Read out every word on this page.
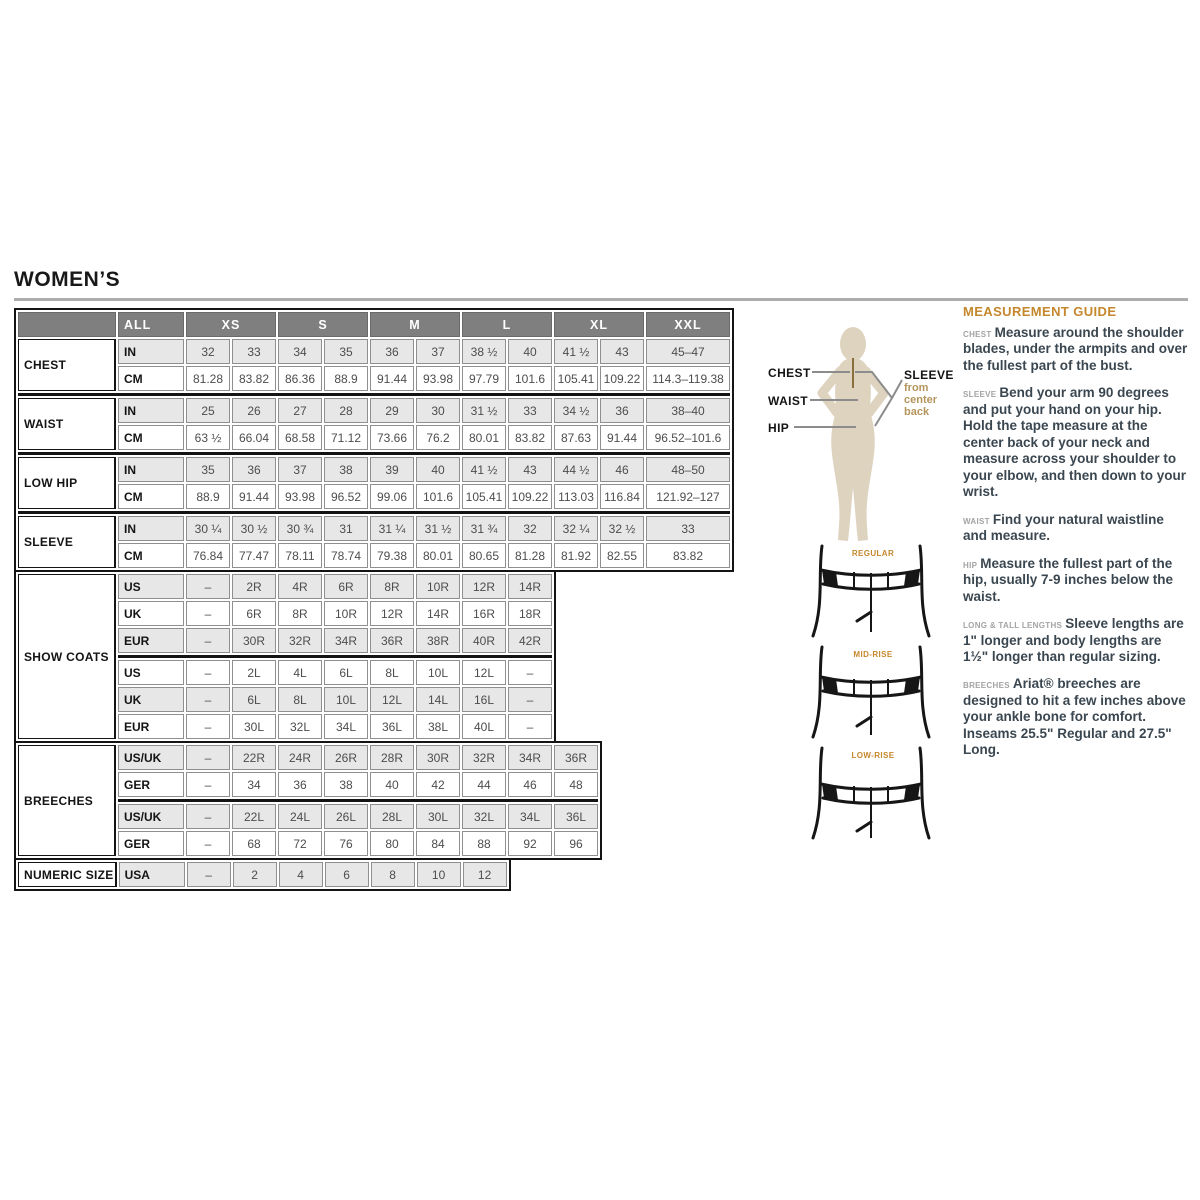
WOMEN’S
	ALL	XS		S		M		L		XL		XXL
CHEST	IN	32	33	34	35	36	37	38 ½	40	41 ½	43	45–47
	CM	81.28	83.82	86.36	88.9	91.44	93.98	97.79	101.6	105.41	109.22	114.3–119.38

WAIST	IN	25	26	27	28	29	30	31 ½	33	34 ½	36	38–40
	CM	63 ½	66.04	68.58	71.12	73.66	76.2	80.01	83.82	87.63	91.44	96.52–101.6

LOW HIP	IN	35	36	37	38	39	40	41 ½	43	44 ½	46	48–50
	CM	88.9	91.44	93.98	96.52	99.06	101.6	105.41	109.22	113.03	116.84	121.92–127

SLEEVE	IN	30 ¼	30 ½	30 ¾	31	31 ¼	31 ½	31 ¾	32	32 ¼	32 ½	33
	CM	76.84	77.47	78.11	78.74	79.38	80.01	80.65	81.28	81.92	82.55	83.82
SHOW COATS	US	–	2R	4R	6R	8R	10R	12R	14R
	UK	–	6R	8R	10R	12R	14R	16R	18R
	EUR	–	30R	32R	34R	36R	38R	40R	42R

	US	–	2L	4L	6L	8L	10L	12L	–
	UK	–	6L	8L	10L	12L	14L	16L	–
	EUR	–	30L	32L	34L	36L	38L	40L	–
BREECHES	US/UK	–	22R	24R	26R	28R	30R	32R	34R	36R
	GER	–	34	36	38	40	42	44	46	48

	US/UK	–	22L	24L	26L	28L	30L	32L	34L	36L
	GER	–	68	72	76	80	84	88	92	96
NUMERIC SIZE	USA	–	2	4	6	8	10	12
CHEST
WAIST
HIP
SLEEVE
from center back
REGULAR
MID-RISE
LOW-RISE
MEASUREMENT GUIDE

CHEST Measure around the shoulder blades, under the armpits and over the fullest part of the bust.

SLEEVE Bend your arm 90 degrees and put your hand on your hip. Hold the tape measure at the center back of your neck and measure across your shoulder to your elbow, and then down to your wrist.

WAIST Find your natural waistline and measure.

HIP Measure the fullest part of the hip, usually 7-9 inches below the waist.

LONG & TALL LENGTHS Sleeve lengths are 1" longer and body lengths are 1½" longer than regular sizing.

BREECHES Ariat® breeches are designed to hit a few inches above your ankle bone for comfort. Inseams 25.5" Regular and 27.5" Long.
